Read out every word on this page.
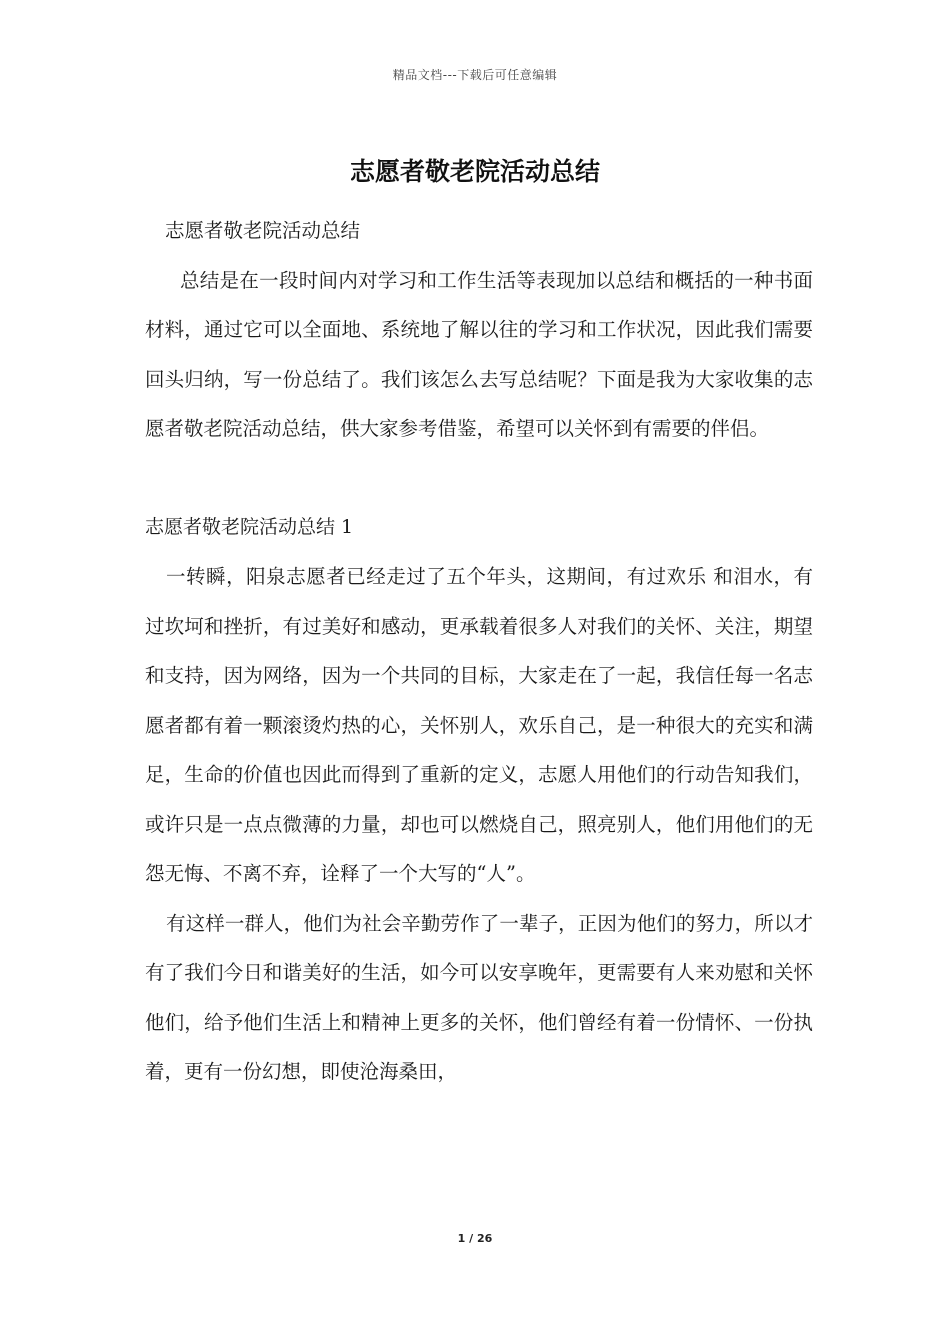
精品文档---下载后可任意编辑
志愿者敬老院活动总结

志愿者敬老院活动总结

总结是在一段时间内对学习和工作生活等表现加以总结和概括的一种书面材料，通过它可以全面地、系统地了解以往的学习和工作状况，因此我们需要回头归纳，写一份总结了。我们该怎么去写总结呢？下面是我为大家收集的志愿者敬老院活动总结，供大家参考借鉴，希望可以关怀到有需要的伴侣。

志愿者敬老院活动总结 1

一转瞬，阳泉志愿者已经走过了五个年头，这期间，有过欢乐 和泪水，有过坎坷和挫折，有过美好和感动，更承载着很多人对我们的关怀、关注，期望和支持，因为网络，因为一个共同的目标，大家走在了一起，我信任每一名志愿者都有着一颗滚烫灼热的心，关怀别人，欢乐自己，是一种很大的充实和满足，生命的价值也因此而得到了重新的定义，志愿人用他们的行动告知我们，或许只是一点点微薄的力量，却也可以燃烧自己，照亮别人，他们用他们的无怨无悔、不离不弃，诠释了一个大写的“人”。

有这样一群人，他们为社会辛勤劳作了一辈子，正因为他们的努力，所以才有了我们今日和谐美好的生活，如今可以安享晚年，更需要有人来劝慰和关怀他们，给予他们生活上和精神上更多的关怀，他们曾经有着一份情怀、一份执着，更有一份幻想，即使沧海桑田，

1 / 26
